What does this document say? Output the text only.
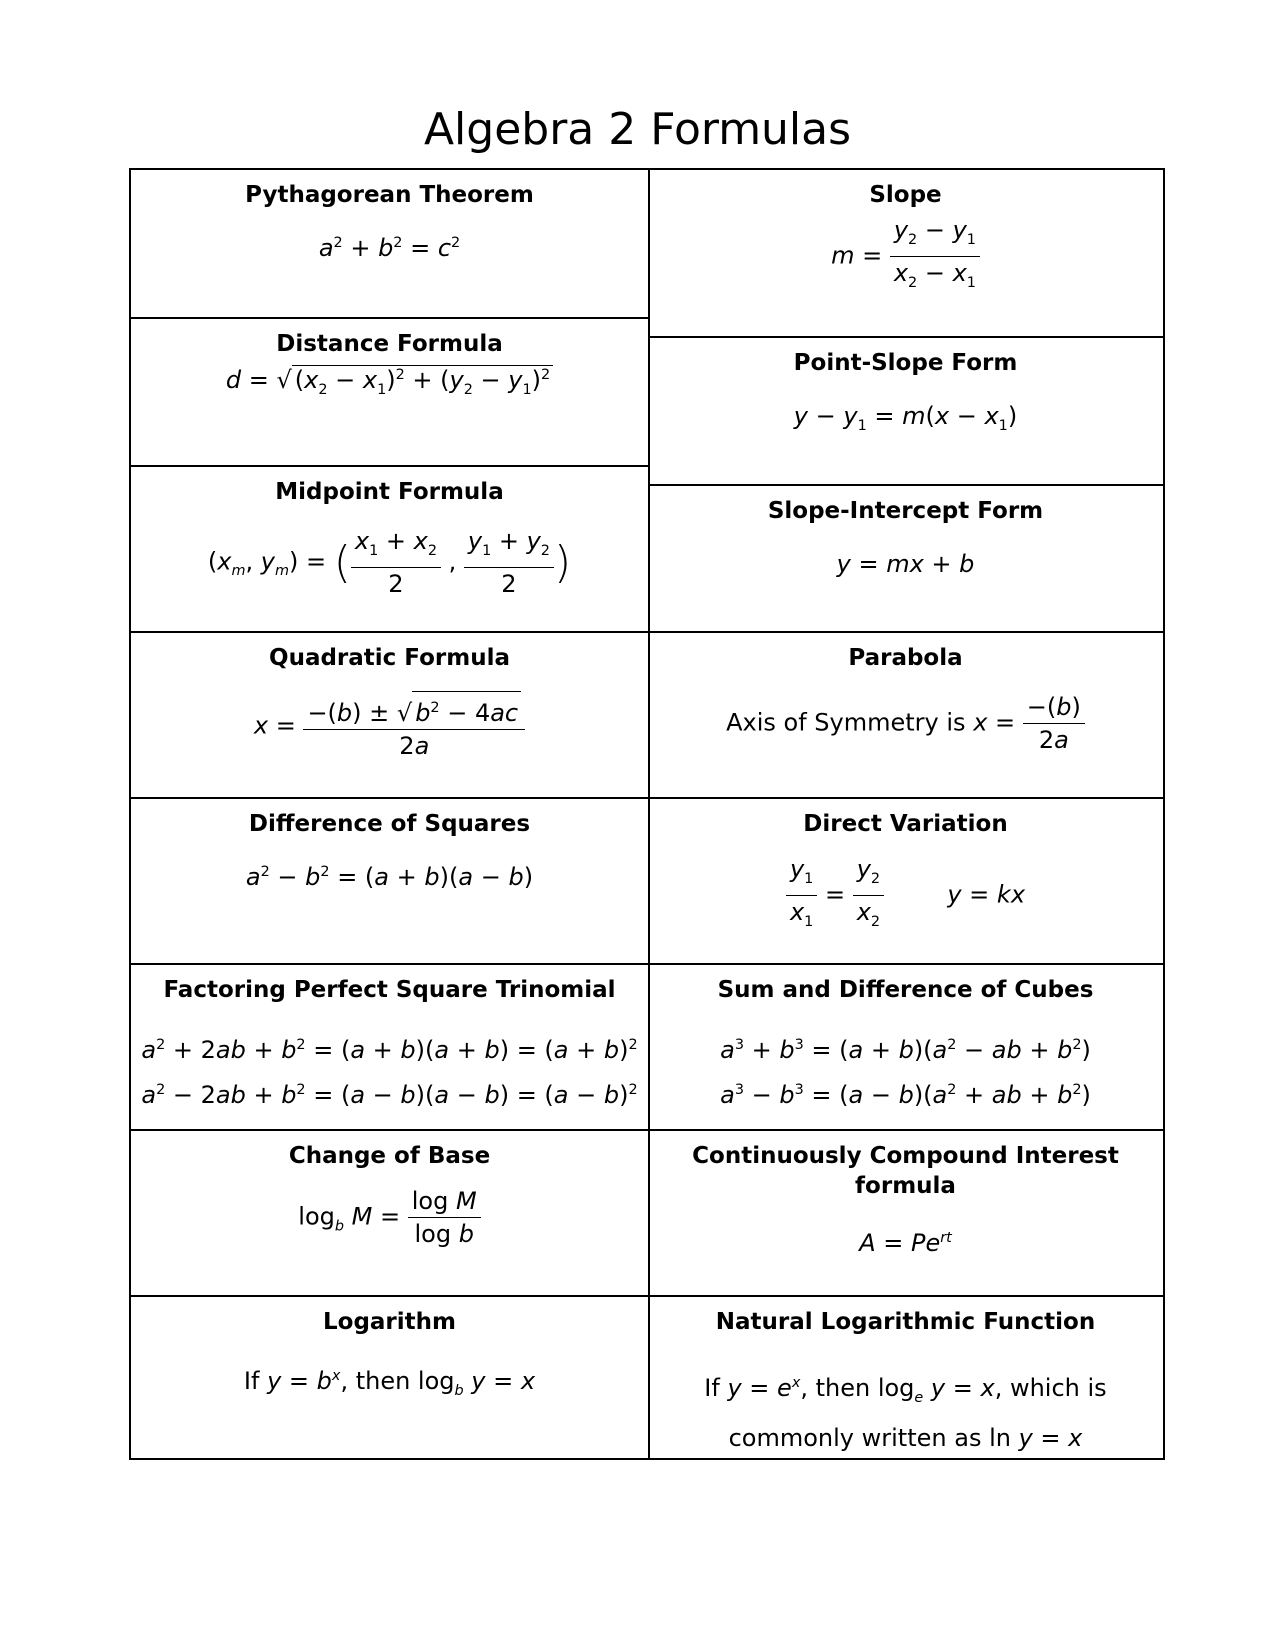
Algebra 2 Formulas
Pythagorean Theorem
$a^2 + b^2 = c^2$
Distance Formula
d = √ $(x_2 - x_1)^2 + (y_2 - y_1)^2$
Midpoint Formula
($x_m$, $y_m$) = ( $\frac{x_1 + x_2}{2}$ , $\frac{y_1 + y_2}{2}$ )
Quadratic Formula
$x = \frac{-(b) \pm √ b^2 - 4ac}{2a}$
Difference of Squares
$a^2 - b^2 = (a + b)(a - b)$
Factoring Perfect Square Trinomial
$a^2 + 2ab + b^2 = (a + b)(a + b) = (a + b)^2$
$a^2 - 2ab + b^2 = (a - b)(a - b) = (a - b)^2$
Change of Base
$\log_b M = \frac{\text{log M}}{\text{log b}}$
Logarithm
If $y = b^x$, then $\log_b y = x$
Slope
$m = \frac{y_2 - y_1}{x_2 - x_1}$
Point-Slope Form
$y - y_1 = m(x - x_1)$
Slope-Intercept Form
y = mx + b
Parabola
Axis of Symmetry is $x = \frac{-(b)}{2a}$
Direct Variation
$\frac{y_1}{x_1} = \frac{y_2}{x_2}$	y = kx
Sum and Difference of Cubes
$a^3 + b^3 = (a + b)(a^2$ − ab + $b^2$)
$a^3 - b^3 = (a - b)(a^2$ + ab + $b^2$)
Continuously Compound Interest
formula
$A = Pe^{rt}$
Natural Logarithmic Function
If $y = e^x$, then $\log_e y = x$, which is
commonly written as ln y = x
